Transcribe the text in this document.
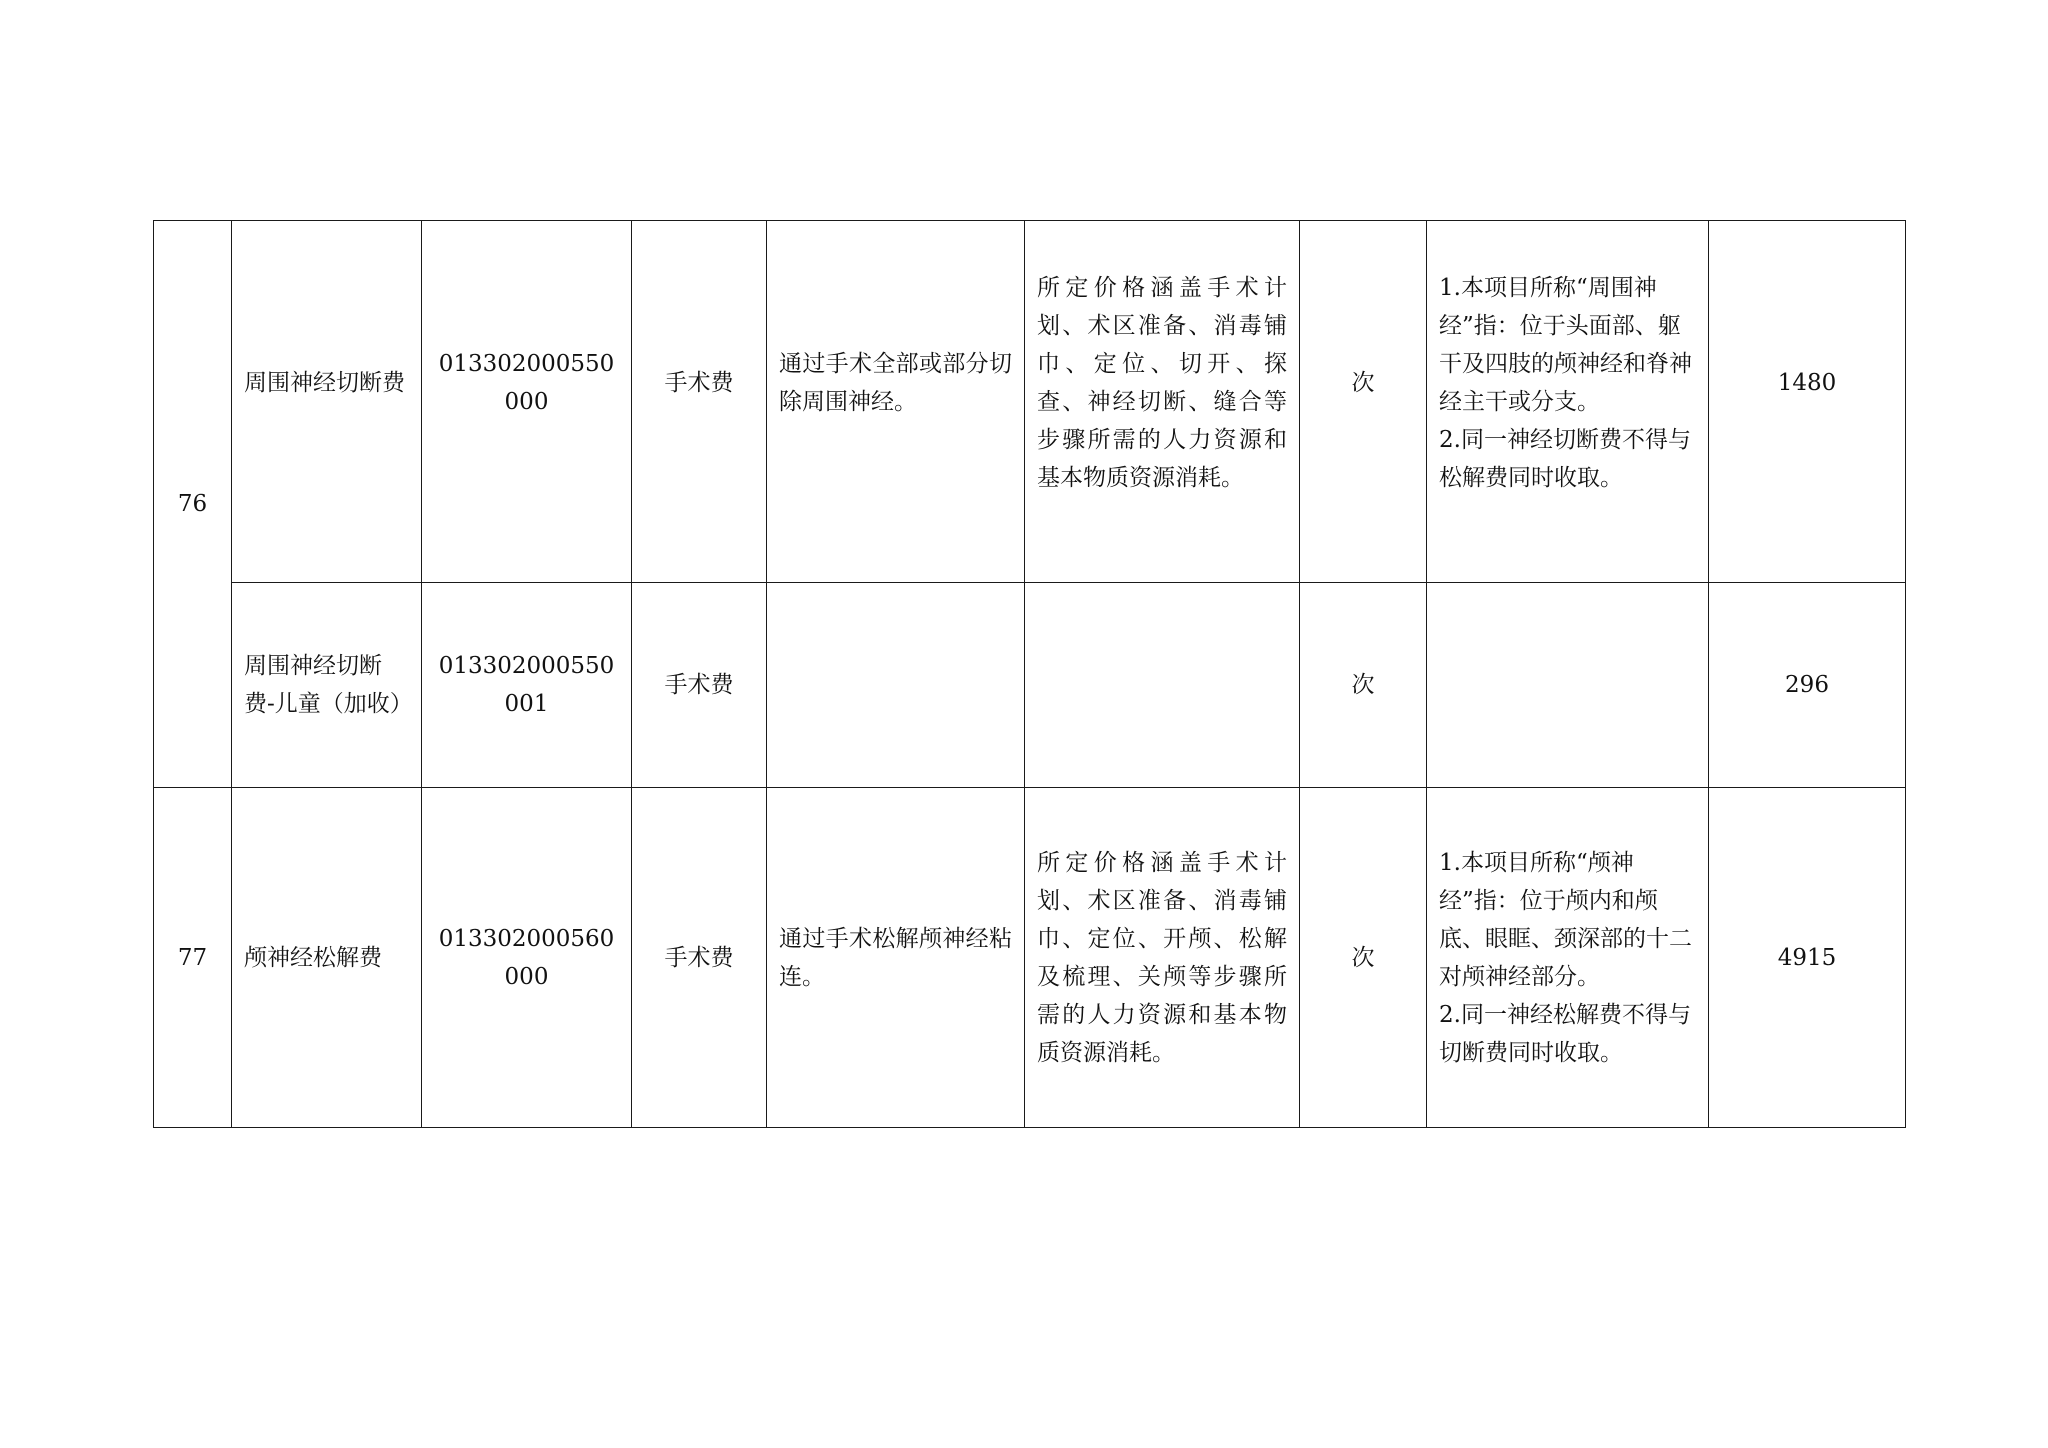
76	周围神经切断费	013302000550000	手术费	通过手术全部或部分切除周围神经。	所定价格涵盖手术计划、术区准备、消毒铺巾、定位、切开、探查、神经切断、缝合等步骤所需的人力资源和基本物质资源消耗。	次	1.本项目所称“周围神经”指：位于头面部、躯干及四肢的颅神经和脊神经主干或分支。
2.同一神经切断费不得与松解费同时收取。	1480
	周围神经切断费-儿童（加收）	013302000550001	手术费			次		296
77	颅神经松解费	013302000560000	手术费	通过手术松解颅神经粘连。	所定价格涵盖手术计划、术区准备、消毒铺巾、定位、开颅、松解及梳理、关颅等步骤所需的人力资源和基本物质资源消耗。	次	1.本项目所称“颅神经”指：位于颅内和颅底、眼眶、颈深部的十二对颅神经部分。
2.同一神经松解费不得与切断费同时收取。	4915
